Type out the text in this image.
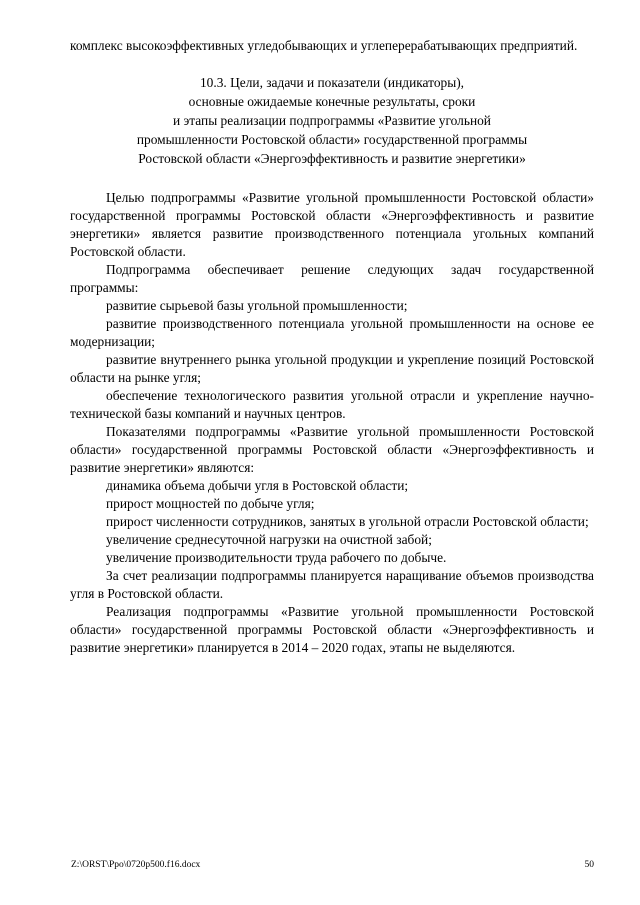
комплекс высокоэффективных угледобывающих и углеперерабатывающих предприятий.

10.3. Цели, задачи и показатели (индикаторы),
основные ожидаемые конечные результаты, сроки
и этапы реализации подпрограммы «Развитие угольной
промышленности Ростовской области» государственной программы
Ростовской области «Энергоэффективность и развитие энергетики»

Целью подпрограммы «Развитие угольной промышленности Ростовской области» государственной программы Ростовской области «Энергоэффективность и развитие энергетики» является развитие производственного потенциала угольных компаний Ростовской области.

Подпрограмма обеспечивает решение следующих задач государственной программы:

развитие сырьевой базы угольной промышленности;

развитие производственного потенциала угольной промышленности на основе ее модернизации;

развитие внутреннего рынка угольной продукции и укрепление позиций Ростовской области на рынке угля;

обеспечение технологического развития угольной отрасли и укрепление научно-технической базы компаний и научных центров.

Показателями подпрограммы «Развитие угольной промышленности Ростовской области» государственной программы Ростовской области «Энергоэффективность и развитие энергетики» являются:

динамика объема добычи угля в Ростовской области;

прирост мощностей по добыче угля;

прирост численности сотрудников, занятых в угольной отрасли Ростовской области;

увеличение среднесуточной нагрузки на очистной забой;

увеличение производительности труда рабочего по добыче.

За счет реализации подпрограммы планируется наращивание объемов производства угля в Ростовской области.

Реализация подпрограммы «Развитие угольной промышленности Ростовской области» государственной программы Ростовской области «Энергоэффективность и развитие энергетики» планируется в 2014 – 2020 годах, этапы не выделяются.

Z:\ORST\Ppo\0720p500.f16.docx	50
